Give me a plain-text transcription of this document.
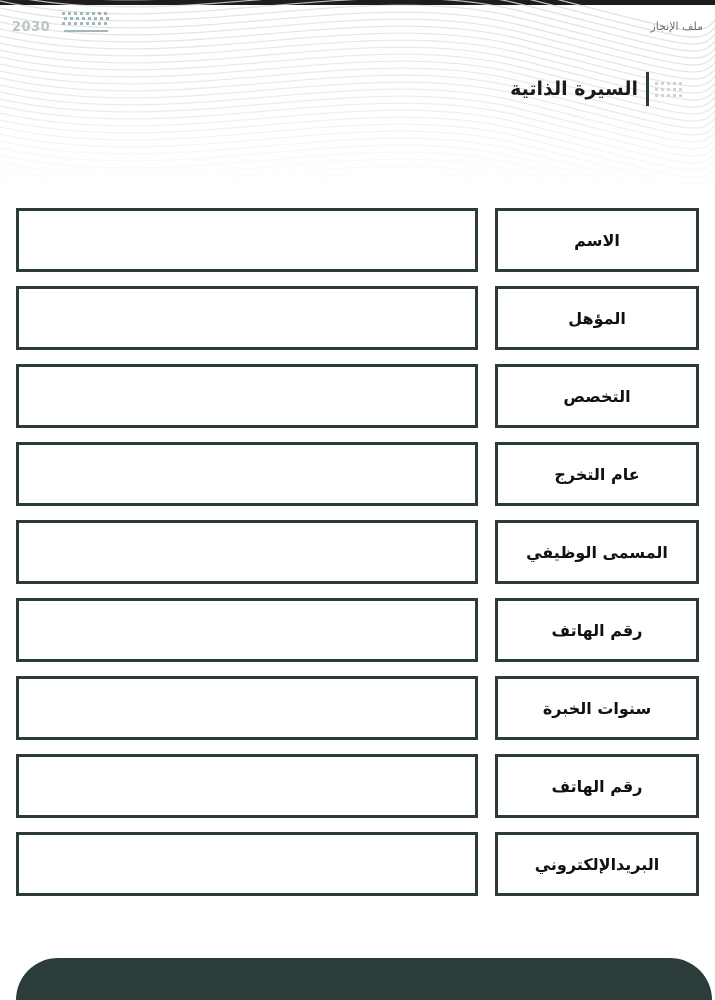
2030	ملف الإنجاز
السيرة الذاتية
الاسم
المؤهل
التخصص
عام التخرج
المسمى الوظيفي
رقم الهاتف
سنوات الخبرة
رقم الهاتف
البريدالإلكتروني
